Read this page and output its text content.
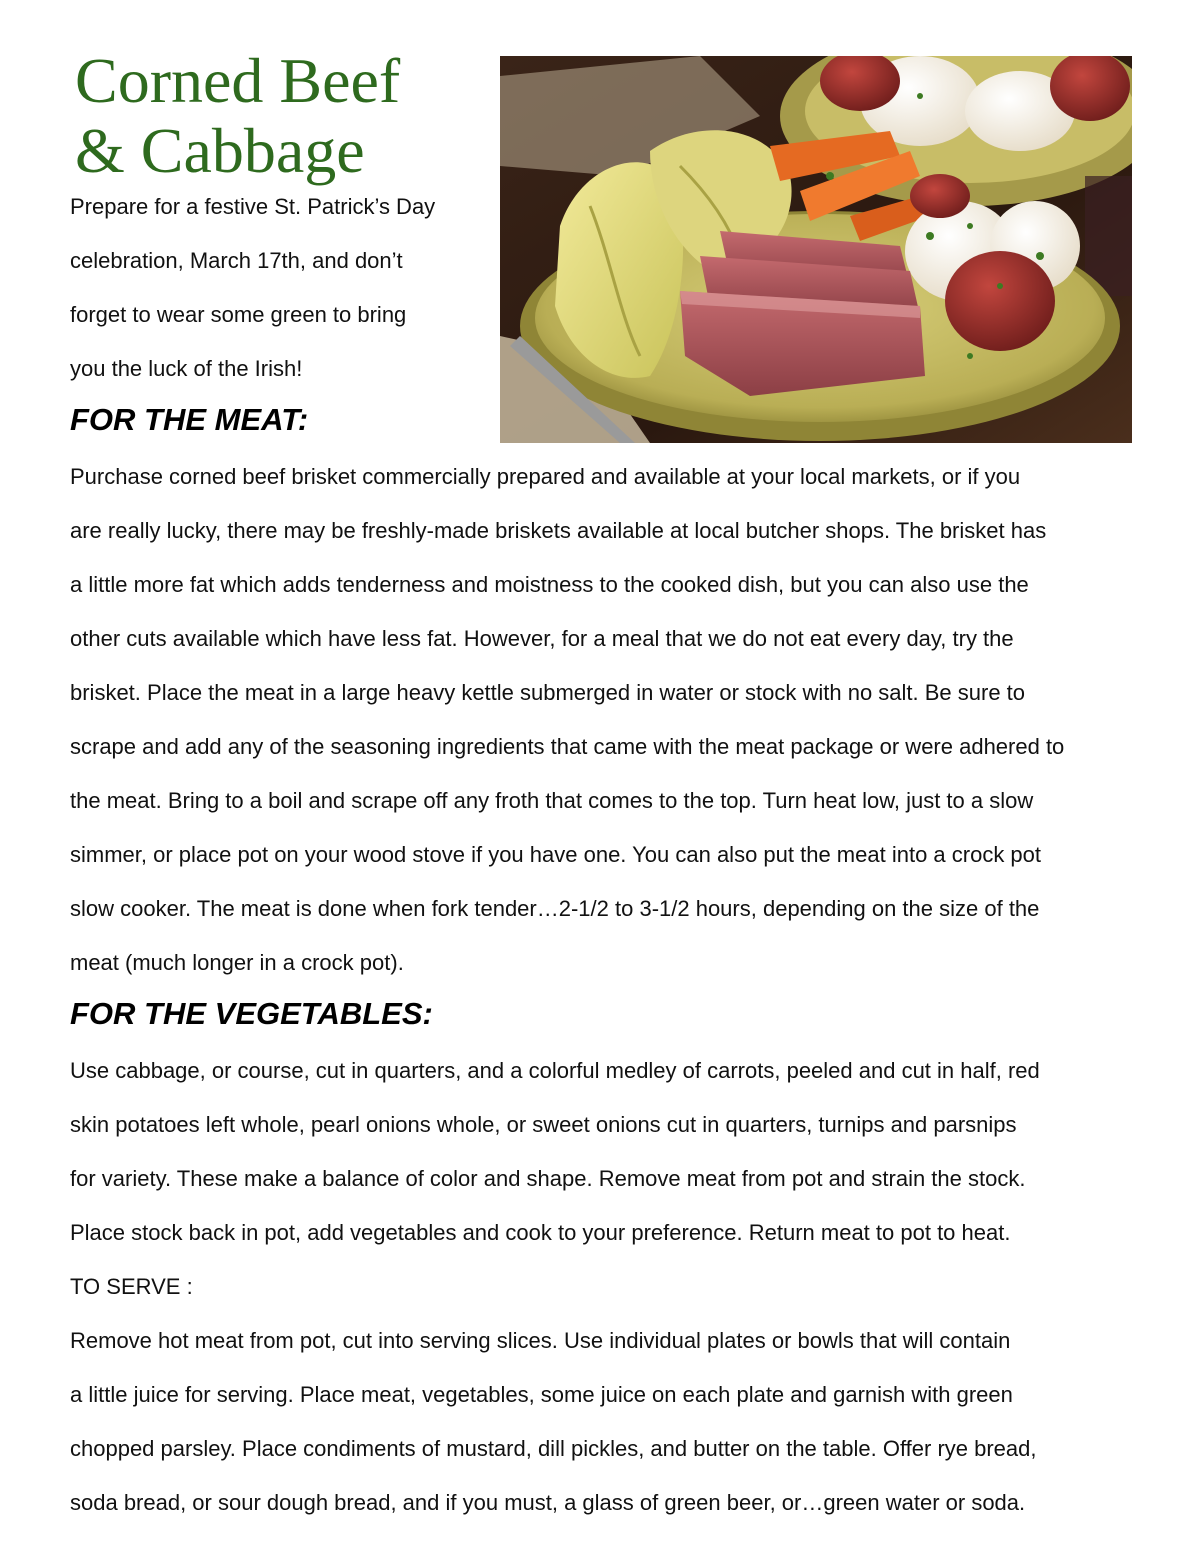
Corned Beef
& Cabbage
Prepare for a festive St. Patrick’s Day
celebration, March 17th, and don’t
forget to wear some green to bring
you the luck of the Irish!
FOR THE MEAT:
Purchase corned beef brisket commercially prepared and available at your local markets, or if you
are really lucky, there may be freshly-made briskets available at local butcher shops. The brisket has
a little more fat which adds tenderness and moistness to the cooked dish, but you can also use the
other cuts available which have less fat. However, for a meal that we do not eat every day, try the
brisket. Place the meat in a large heavy kettle submerged in water or stock with no salt. Be sure to
scrape and add any of the seasoning ingredients that came with the meat package or were adhered to
the meat. Bring to a boil and scrape off any froth that comes to the top. Turn heat low, just to a slow
simmer, or place pot on your wood stove if you have one. You can also put the meat into a crock pot
slow cooker. The meat is done when fork tender…2-1/2 to 3-1/2 hours, depending on the size of the
meat (much longer in a crock pot).
FOR THE VEGETABLES:
Use cabbage, or course, cut in quarters, and a colorful medley of carrots, peeled and cut in half, red
skin potatoes left whole, pearl onions whole, or sweet onions cut in quarters, turnips and parsnips
for variety. These make a balance of color and shape. Remove meat from pot and strain the stock.
Place stock back in pot, add vegetables and cook to your preference. Return meat to pot to heat.
TO SERVE :
Remove hot meat from pot, cut into serving slices. Use individual plates or bowls that will contain
a little juice for serving. Place meat, vegetables, some juice on each plate and garnish with green
chopped parsley. Place condiments of mustard, dill pickles, and butter on the table. Offer rye bread,
soda bread, or sour dough bread, and if you must, a glass of green beer, or…green water or soda.
